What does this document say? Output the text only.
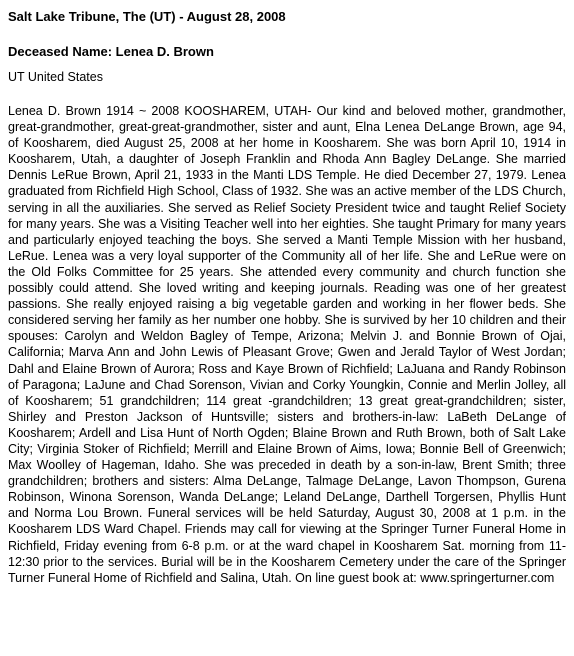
Salt Lake Tribune, The (UT) - August 28, 2008
Deceased Name: Lenea D. Brown
UT United States

Lenea D. Brown 1914 ~ 2008 KOOSHAREM, UTAH- Our kind and beloved mother, grandmother, great-grandmother, great-great-grandmother, sister and aunt, Elna Lenea DeLange Brown, age 94, of Koosharem, died August 25, 2008 at her home in Koosharem. She was born April 10, 1914 in Koosharem, Utah, a daughter of Joseph Franklin and Rhoda Ann Bagley DeLange. She married Dennis LeRue Brown, April 21, 1933 in the Manti LDS Temple. He died December 27, 1979. Lenea graduated from Richfield High School, Class of 1932. She was an active member of the LDS Church, serving in all the auxiliaries. She served as Relief Society President twice and taught Relief Society for many years. She was a Visiting Teacher well into her eighties. She taught Primary for many years and particularly enjoyed teaching the boys. She served a Manti Temple Mission with her husband, LeRue. Lenea was a very loyal supporter of the Community all of her life. She and LeRue were on the Old Folks Committee for 25 years. She attended every community and church function she possibly could attend. She loved writing and keeping journals. Reading was one of her greatest passions. She really enjoyed raising a big vegetable garden and working in her flower beds. She considered serving her family as her number one hobby. She is survived by her 10 children and their spouses: Carolyn and Weldon Bagley of Tempe, Arizona; Melvin J. and Bonnie Brown of Ojai, California; Marva Ann and John Lewis of Pleasant Grove; Gwen and Jerald Taylor of West Jordan; Dahl and Elaine Brown of Aurora; Ross and Kaye Brown of Richfield; LaJuana and Randy Robinson of Paragona; LaJune and Chad Sorenson, Vivian and Corky Youngkin, Connie and Merlin Jolley, all of Koosharem; 51 grandchildren; 114 great -grandchildren; 13 great great-grandchildren; sister, Shirley and Preston Jackson of Huntsville; sisters and brothers-in-law: LaBeth DeLange of Koosharem; Ardell and Lisa Hunt of North Ogden; Blaine Brown and Ruth Brown, both of Salt Lake City; Virginia Stoker of Richfield; Merrill and Elaine Brown of Aims, Iowa; Bonnie Bell of Greenwich; Max Woolley of Hageman, Idaho. She was preceded in death by a son-in-law, Brent Smith; three grandchildren; brothers and sisters: Alma DeLange, Talmage DeLange, Lavon Thompson, Gurena Robinson, Winona Sorenson, Wanda DeLange; Leland DeLange, Darthell Torgersen, Phyllis Hunt and Norma Lou Brown. Funeral services will be held Saturday, August 30, 2008 at 1 p.m. in the Koosharem LDS Ward Chapel. Friends may call for viewing at the Springer Turner Funeral Home in Richfield, Friday evening from 6-8 p.m. or at the ward chapel in Koosharem Sat. morning from 11- 12:30 prior to the services. Burial will be in the Koosharem Cemetery under the care of the Springer Turner Funeral Home of Richfield and Salina, Utah. On line guest book at: www.springerturner.com
